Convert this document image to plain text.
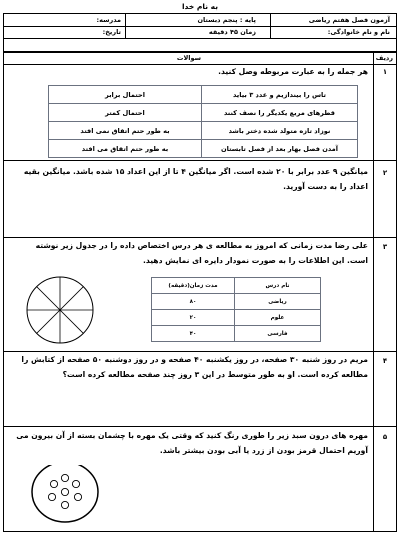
به نام خدا
آزمون فصل هفتم ریاضی
پایه : پنجم دبستان
مدرسه:
نام و نام خانوادگی:
زمان ۴۵ دقیقه
تاریخ:
ردیف
سوالات
۱
هر جمله را به عبارت مربوطه وصل کنید.
تاس را بیندازیم و عدد ۳ بیاید	احتمال برابر
قطرهای مربع یکدیگر را نصف کنند	احتمال کمتر
نوزاد تازه متولد شده دختر باشد	به طور حتم اتفاق نمی افتد
آمدن فصل بهار بعد از فصل تابستان	به طور حتم اتفاق می افتد
۲
میانگین ۹ عدد برابر با ۲۰ شده است. اگر میانگین ۴ تا از این اعداد ۱۵ شده باشد. میانگین بقیه اعداد را به دست آورید.
۳
علی رضا مدت زمانی که امروز به مطالعه ی هر درس اختصاص داده را در جدول زیر نوشته است. این اطلاعات را به صورت نمودار دایره ای نمایش دهید.
نام درس	مدت زمان(دقیقه)
ریاضی	۸۰
علوم	۲۰
فارسی	۴۰
۴
مریم در روز شنبه ۳۰ صفحه، در روز یکشنبه ۴۰ صفحه و در روز دوشنبه ۵۰ صفحه از کتابش را مطالعه کرده است. او به طور متوسط در این ۳ روز چند صفحه مطالعه کرده است؟
۵
مهره های درون سبد زیر را طوری رنگ کنید که وقتی یک مهره با چشمان بسته از آن بیرون می آوریم احتمال قرمز بودن از زرد یا آبی بودن بیشتر باشد.
